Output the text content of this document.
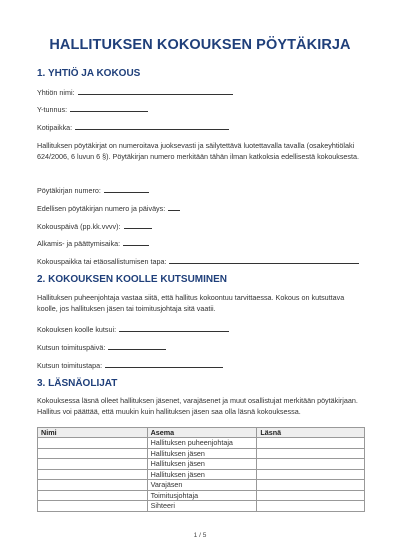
HALLITUKSEN KOKOUKSEN PÖYTÄKIRJA
1. YHTIÖ JA KOKOUS
Yhtiön nimi:
Y-tunnus:
Kotipaikka:
Hallituksen pöytäkirjat on numeroitava juoksevasti ja säilytettävä luotettavalla tavalla (osakeyhtiölaki 624/2006, 6 luvun 6 §). Pöytäkirjan numero merkitään tähän ilman katkoksia edellisestä kokouksesta.
Pöytäkirjan numero:
Edellisen pöytäkirjan numero ja päiväys:
Kokouspäivä (pp.kk.vvvv):
Alkamis- ja päättymisaika:
Kokouspaikka tai etäosallistumisen tapa:
2. KOKOUKSEN KOOLLE KUTSUMINEN
Hallituksen puheenjohtaja vastaa siitä, että hallitus kokoontuu tarvittaessa. Kokous on kutsuttava koolle, jos hallituksen jäsen tai toimitusjohtaja sitä vaatii.
Kokouksen koolle kutsui:
Kutsun toimituspäivä:
Kutsun toimitustapa:
3. LÄSNÄOLIJAT
Kokouksessa läsnä olleet hallituksen jäsenet, varajäsenet ja muut osallistujat merkitään pöytäkirjaan. Hallitus voi päättää, että muukin kuin hallituksen jäsen saa olla läsnä kokouksessa.
Nimi	Asema	Läsnä
	Hallituksen puheenjohtaja	
	Hallituksen jäsen	
	Hallituksen jäsen	
	Hallituksen jäsen	
	Varajäsen	
	Toimitusjohtaja	
	Sihteeri	
1 / 5
